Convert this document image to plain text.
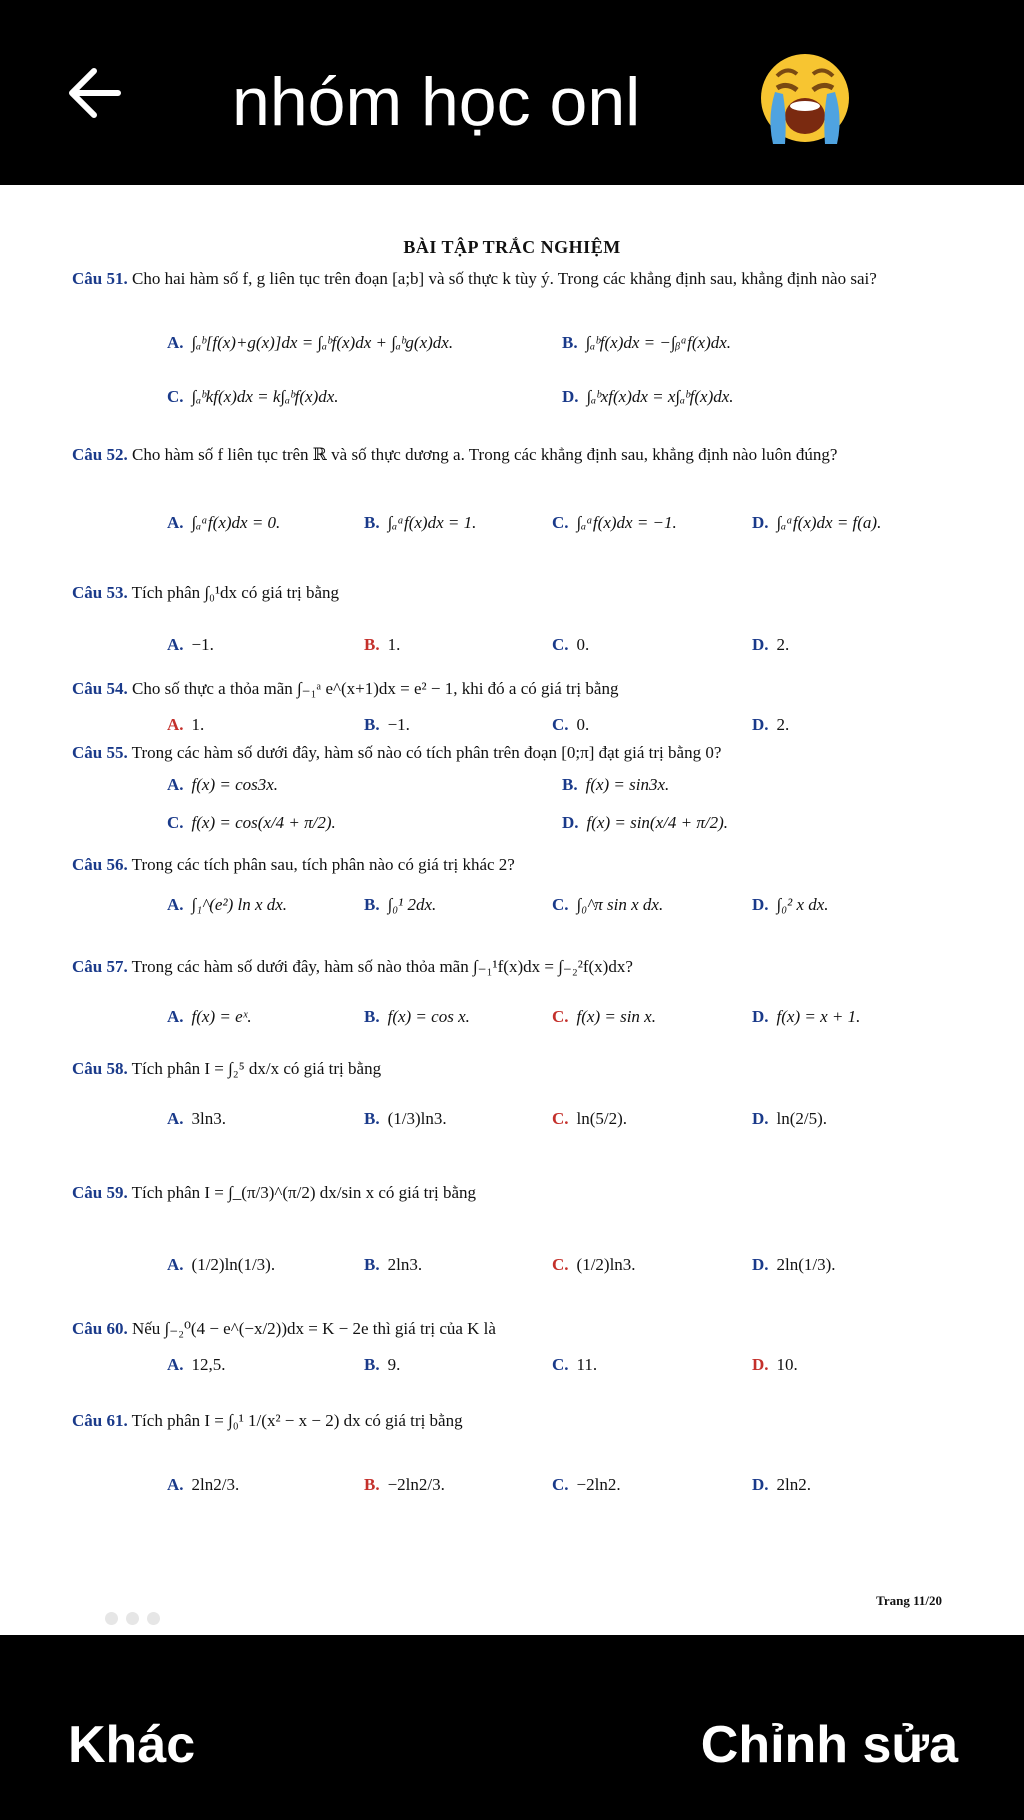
nhóm học onl
BÀI TẬP TRẮC NGHIỆM
Câu 51. Cho hai hàm số f, g liên tục trên đoạn [a;b] và số thực k tùy ý. Trong các khẳng định sau, khẳng định nào sai?
A. ∫ₐᵇ[f(x)+g(x)]dx = ∫ₐᵇf(x)dx + ∫ₐᵇg(x)dx.	B. ∫ₐᵇf(x)dx = −∫ᵦᵃf(x)dx.
C. ∫ₐᵇkf(x)dx = k∫ₐᵇf(x)dx.	D. ∫ₐᵇxf(x)dx = x∫ₐᵇf(x)dx.
Câu 52. Cho hàm số f liên tục trên ℝ và số thực dương a. Trong các khẳng định sau, khẳng định nào luôn đúng?
A. ∫ₐᵃf(x)dx = 0.	B. ∫ₐᵃf(x)dx = 1.	C. ∫ₐᵃf(x)dx = −1.	D. ∫ₐᵃf(x)dx = f(a).
Câu 53. Tích phân ∫₀¹dx có giá trị bằng
A. −1.	B. 1.	C. 0.	D. 2.
Câu 54. Cho số thực a thỏa mãn ∫₋₁ᵃ e^(x+1)dx = e² − 1, khi đó a có giá trị bằng
A. 1.	B. −1.	C. 0.	D. 2.
Câu 55. Trong các hàm số dưới đây, hàm số nào có tích phân trên đoạn [0;π] đạt giá trị bằng 0?
A. f(x) = cos3x.	B. f(x) = sin3x.
C. f(x) = cos(x/4 + π/2).	D. f(x) = sin(x/4 + π/2).
Câu 56. Trong các tích phân sau, tích phân nào có giá trị khác 2?
A. ∫₁^(e²) ln x dx.	B. ∫₀¹ 2dx.	C. ∫₀^π sin x dx.	D. ∫₀² x dx.
Câu 57. Trong các hàm số dưới đây, hàm số nào thỏa mãn ∫₋₁¹f(x)dx = ∫₋₂²f(x)dx?
A. f(x) = eˣ.	B. f(x) = cos x.	C. f(x) = sin x.	D. f(x) = x + 1.
Câu 58. Tích phân I = ∫₂⁵ dx/x có giá trị bằng
A. 3ln3.	B. (1/3)ln3.	C. ln(5/2).	D. ln(2/5).
Câu 59. Tích phân I = ∫_(π/3)^(π/2) dx/sin x có giá trị bằng
A. (1/2)ln(1/3).	B. 2ln3.	C. (1/2)ln3.	D. 2ln(1/3).
Câu 60. Nếu ∫₋₂⁰(4 − e^(−x/2))dx = K − 2e thì giá trị của K là
A. 12,5.	B. 9.	C. 11.	D. 10.
Câu 61. Tích phân I = ∫₀¹ 1/(x² − x − 2) dx có giá trị bằng
A. 2ln2/3.	B. −2ln2/3.	C. −2ln2.	D. 2ln2.
Trang 11/20
Khác	Chỉnh sửa
